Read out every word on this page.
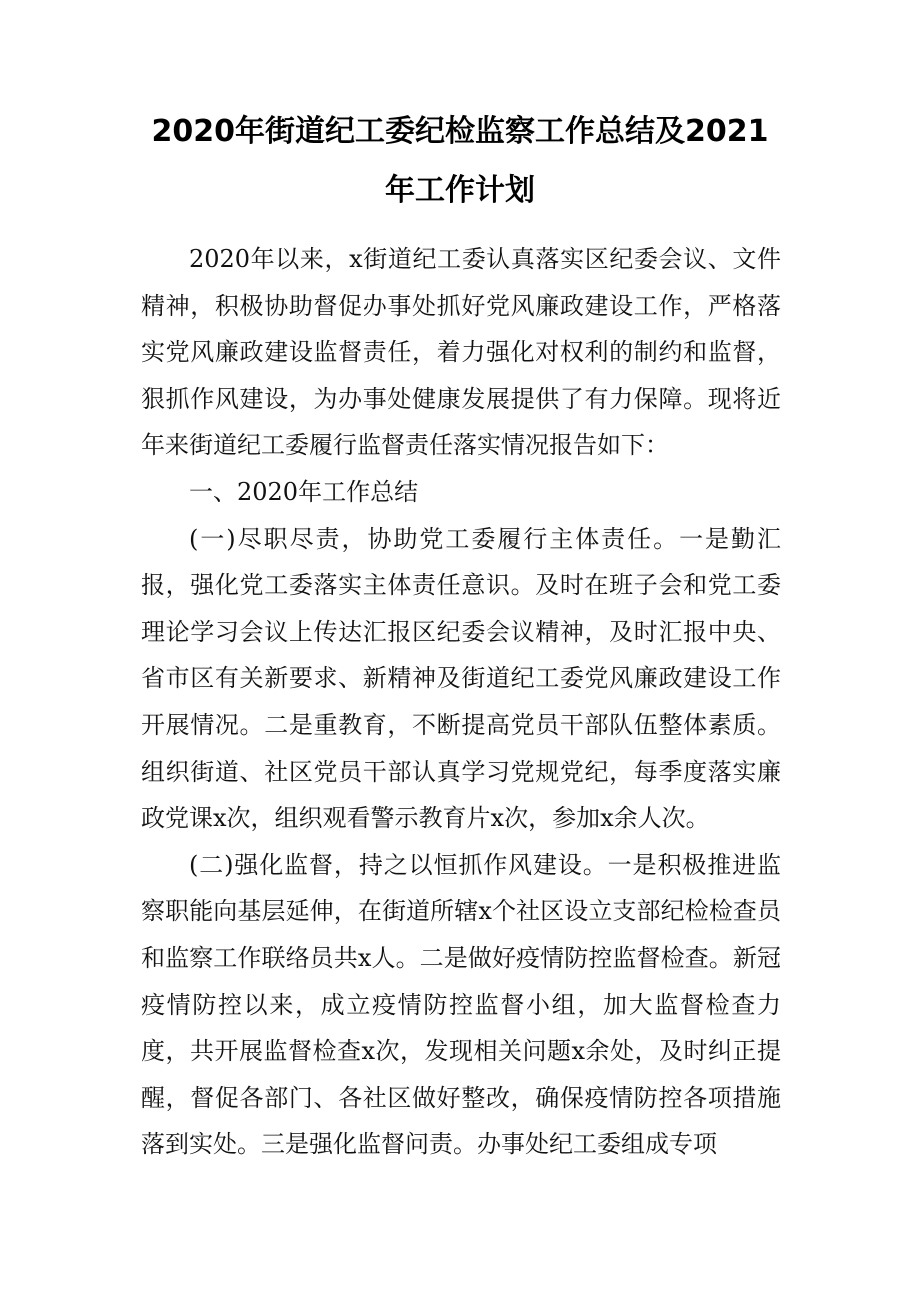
2020年街道纪工委纪检监察工作总结及2021
年工作计划

2020年以来，x街道纪工委认真落实区纪委会议、文件精神，积极协助督促办事处抓好党风廉政建设工作，严格落实党风廉政建设监督责任，着力强化对权利的制约和监督，狠抓作风建设，为办事处健康发展提供了有力保障。现将近年来街道纪工委履行监督责任落实情况报告如下：

一、2020年工作总结

(一)尽职尽责，协助党工委履行主体责任。一是勤汇报，强化党工委落实主体责任意识。及时在班子会和党工委理论学习会议上传达汇报区纪委会议精神，及时汇报中央、省市区有关新要求、新精神及街道纪工委党风廉政建设工作开展情况。二是重教育，不断提高党员干部队伍整体素质。组织街道、社区党员干部认真学习党规党纪，每季度落实廉政党课x次，组织观看警示教育片x次，参加x余人次。

(二)强化监督，持之以恒抓作风建设。一是积极推进监察职能向基层延伸，在街道所辖x个社区设立支部纪检检查员和监察工作联络员共x人。二是做好疫情防控监督检查。新冠疫情防控以来，成立疫情防控监督小组，加大监督检查力度，共开展监督检查x次，发现相关问题x余处，及时纠正提醒，督促各部门、各社区做好整改，确保疫情防控各项措施落到实处。三是强化监督问责。办事处纪工委组成专项
